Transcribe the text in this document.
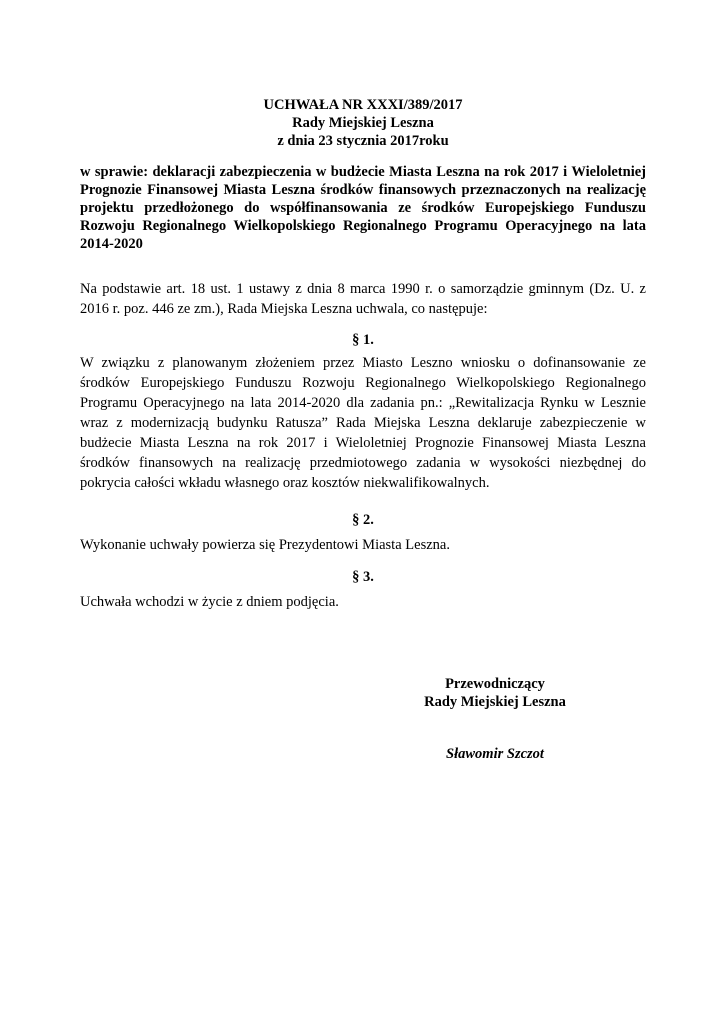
UCHWAŁA NR XXXI/389/2017
Rady Miejskiej Leszna
z dnia 23 stycznia 2017roku
w sprawie: deklaracji zabezpieczenia w budżecie Miasta Leszna na rok 2017 i Wieloletniej Prognozie Finansowej Miasta Leszna środków finansowych przeznaczonych na realizację projektu przedłożonego do współfinansowania ze środków Europejskiego Funduszu Rozwoju Regionalnego Wielkopolskiego Regionalnego Programu Operacyjnego na lata 2014-2020
Na podstawie art. 18 ust. 1 ustawy z dnia 8 marca 1990 r. o samorządzie gminnym (Dz. U. z 2016 r. poz. 446 ze zm.), Rada Miejska Leszna uchwala, co następuje:
§ 1.
W związku z planowanym złożeniem przez Miasto Leszno wniosku o dofinansowanie ze środków Europejskiego Funduszu Rozwoju Regionalnego Wielkopolskiego Regionalnego Programu Operacyjnego na lata 2014-2020 dla zadania pn.: „Rewitalizacja Rynku w Lesznie wraz z modernizacją budynku Ratusza” Rada Miejska Leszna deklaruje zabezpieczenie w budżecie Miasta Leszna na rok 2017 i Wieloletniej Prognozie Finansowej Miasta Leszna środków finansowych na realizację przedmiotowego zadania w wysokości niezbędnej do pokrycia całości wkładu własnego oraz kosztów niekwalifikowalnych.
§ 2.
Wykonanie uchwały powierza się Prezydentowi Miasta Leszna.
§ 3.
Uchwała wchodzi w życie z dniem podjęcia.
Przewodniczący
Rady Miejskiej Leszna
Sławomir Szczot
